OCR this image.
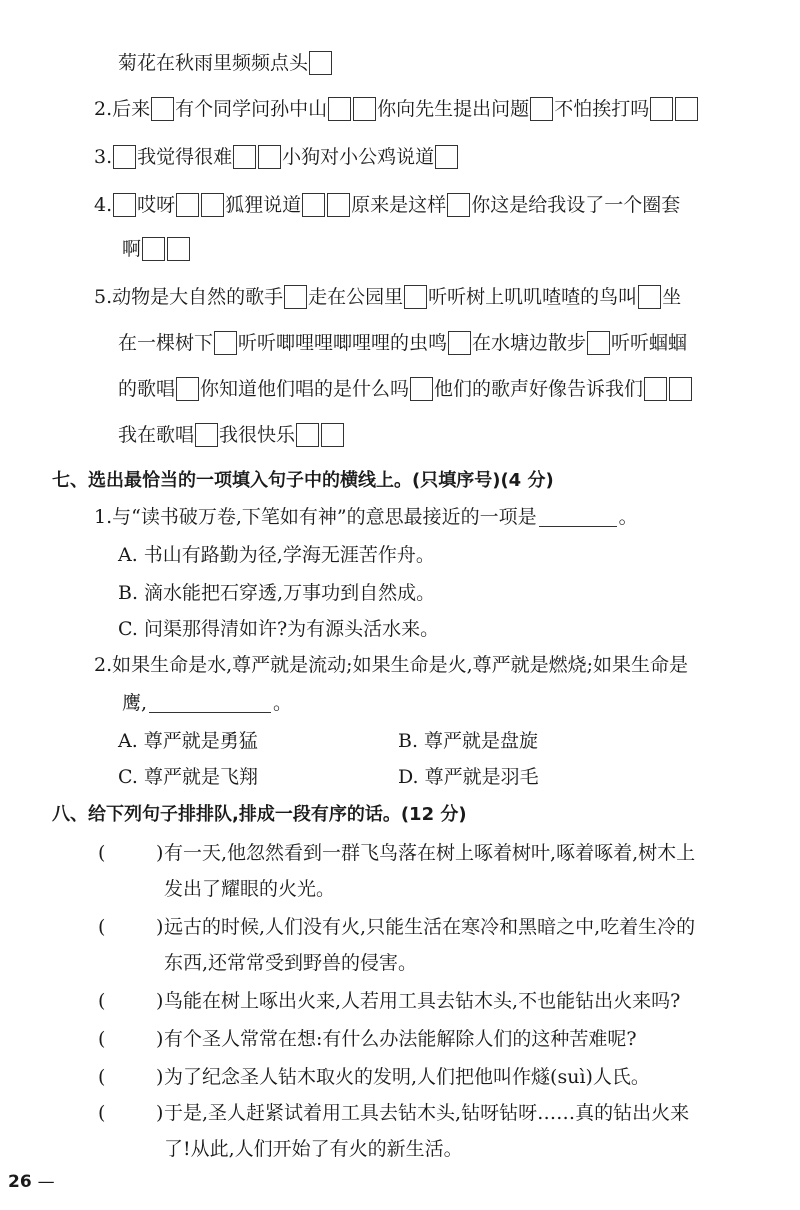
菊花在秋雨里频频点头
2. 后来 有个同学问孙中山	你向先生提出问题 不怕挨打吗
3. 我觉得很难	小狗对小公鸡说道
4. 哎呀	狐狸说道	原来是这样 你这是给我设了一个圈套
啊
5. 动物是大自然的歌手 走在公园里 听听树上叽叽喳喳的鸟叫 坐
在一棵树下 听听唧哩哩唧哩哩的虫鸣 在水塘边散步 听听蝈蝈
的歌唱 你知道他们唱的是什么吗 他们的歌声好像告诉我们
我在歌唱 我很快乐
七、选出最恰当的一项填入句子中的横线上。(只填序号)(4 分)
1.与“读书破万卷,下笔如有神”的意思最接近的一项是	。
A. 书山有路勤为径,学海无涯苦作舟。
B. 滴水能把石穿透,万事功到自然成。
C. 问渠那得清如许?为有源头活水来。
2.如果生命是水,尊严就是流动;如果生命是火,尊严就是燃烧;如果生命是
鹰,	。
A. 尊严就是勇猛	B. 尊严就是盘旋
C. 尊严就是飞翔	D. 尊严就是羽毛
八、给下列句子排排队,排成一段有序的话。(12 分)
(	) 有一天,他忽然看到一群飞鸟落在树上啄着树叶,啄着啄着,树木上
发出了耀眼的火光。
(	) 远古的时候,人们没有火,只能生活在寒冷和黑暗之中,吃着生冷的
东西,还常常受到野兽的侵害。
(	) 鸟能在树上啄出火来,人若用工具去钻木头,不也能钻出火来吗?
(	) 有个圣人常常在想:有什么办法能解除人们的这种苦难呢?
(	) 为了纪念圣人钻木取火的发明,人们把他叫作燧(suì)人氏。
(	) 于是,圣人赶紧试着用工具去钻木头,钻呀钻呀……真的钻出火来
了!从此,人们开始了有火的新生活。
26 —
